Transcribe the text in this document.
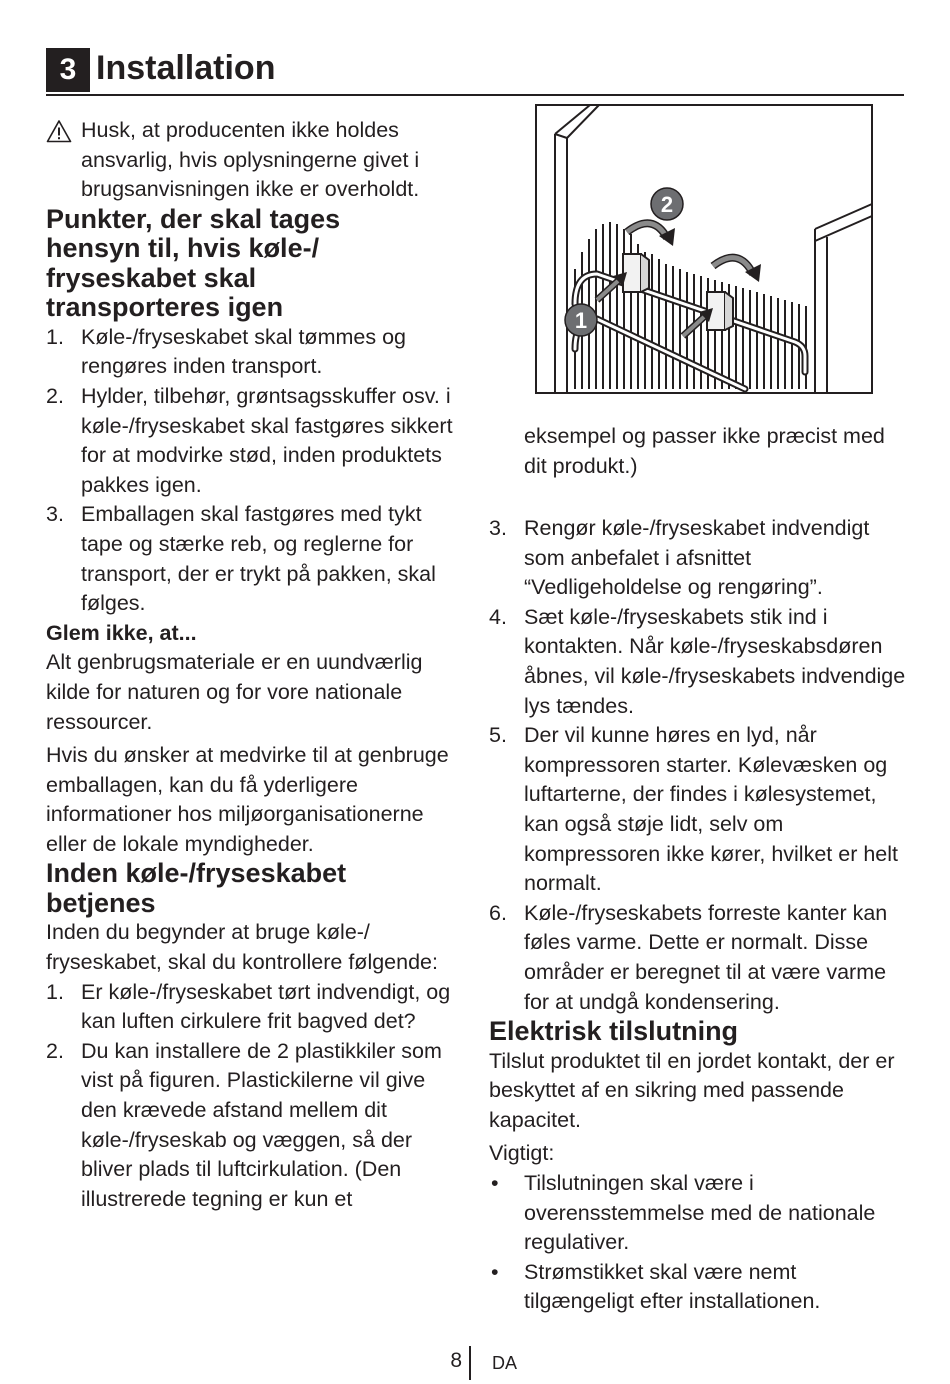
3 Installation
Husk, at producenten ikke holdes ansvarlig, hvis oplysningerne givet i brugsanvisningen ikke er overholdt.
Punkter, der skal tages
hensyn til, hvis køle-/
fryseskabet skal
transporteres igen
1. Køle-/fryseskabet skal tømmes og rengøres inden transport.
2. Hylder, tilbehør, grøntsagsskuffer osv. i køle-/fryseskabet skal fastgøres sikkert for at modvirke stød, inden produktets pakkes igen.
3. Emballagen skal fastgøres med tykt tape og stærke reb, og reglerne for transport, der er trykt på pakken, skal følges.
Glem ikke, at...

Alt genbrugsmateriale er en uundværlig kilde for naturen og for vore nationale ressourcer.

Hvis du ønsker at medvirke til at genbruge emballagen, kan du få yderligere informationer hos miljøorganisationerne eller de lokale myndigheder.

Inden køle-/fryseskabet
betjenes

Inden du begynder at bruge køle-/ fryseskabet, skal du kontrollere følgende:

1. Er køle-/fryseskabet tørt indvendigt, og kan luften cirkulere frit bagved det?
2. Du kan installere de 2 plastikkiler som vist på figuren. Plastickilerne vil give den krævede afstand mellem dit køle-/fryseskab og væggen, så der bliver plads til luftcirkulation. (Den illustrerede tegning er kun et
1
2

eksempel og passer ikke præcist med dit produkt.)

3. Rengør køle-/fryseskabet indvendigt som anbefalet i afsnittet “Vedligeholdelse og rengøring”.
4. Sæt køle-/fryseskabets stik ind i kontakten. Når køle-/fryseskabsdøren åbnes, vil køle-/fryseskabets indvendige lys tændes.
5. Der vil kunne høres en lyd, når kompressoren starter. Kølevæsken og luftarterne, der findes i kølesystemet, kan også støje lidt, selv om kompressoren ikke kører, hvilket er helt normalt.
6. Køle-/fryseskabets forreste kanter kan føles varme. Dette er normalt. Disse områder er beregnet til at være varme for at undgå kondensering.
Elektrisk tilslutning

Tilslut produktet til en jordet kontakt, der er beskyttet af en sikring med passende kapacitet.

Vigtigt:

• Tilslutningen skal være i overensstemmelse med de nationale regulativer.
• Strømstikket skal være nemt tilgængeligt efter installationen.
8 DA
